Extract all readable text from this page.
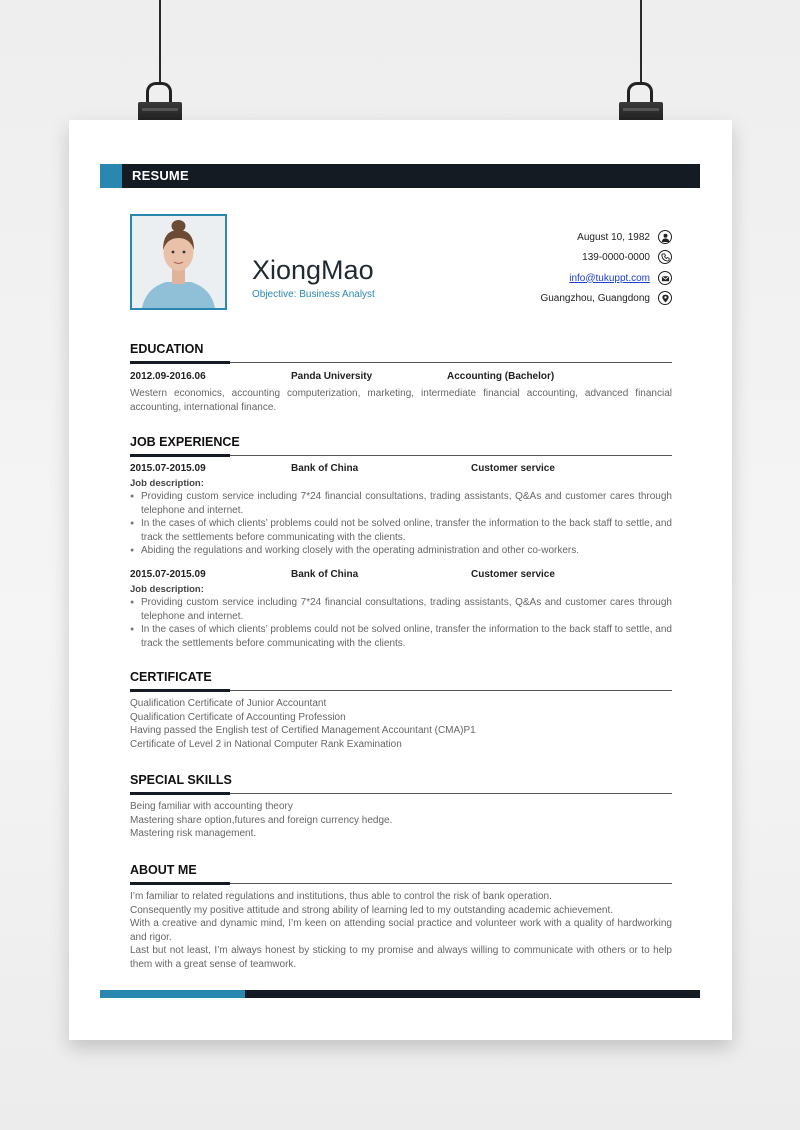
RESUME
XiongMao
Objective: Business Analyst
August 10, 1982
139-0000-0000
info@tukuppt.com
Guangzhou, Guangdong
EDUCATION
2012.09-2016.06	Panda University	Accounting (Bachelor)
Western economics, accounting computerization, marketing, intermediate financial accounting, advanced financial accounting, international finance.
JOB EXPERIENCE
2015.07-2015.09	Bank of China	Customer service
Job description:
● Providing custom service including 7*24 financial consultations, trading assistants, Q&As and customer cares through telephone and internet.
● In the cases of which clients’ problems could not be solved online, transfer the information to the back staff to settle, and track the settlements before communicating with the clients.
● Abiding the regulations and working closely with the operating administration and other co-workers.
2015.07-2015.09	Bank of China	Customer service
Job description:
● Providing custom service including 7*24 financial consultations, trading assistants, Q&As and customer cares through telephone and internet.
● In the cases of which clients’ problems could not be solved online, transfer the information to the back staff to settle, and track the settlements before communicating with the clients.
CERTIFICATE
Qualification Certificate of Junior Accountant
Qualification Certificate of Accounting Profession
Having passed the English test of Certified Management Accountant (CMA)P1
Certificate of Level 2 in National Computer Rank Examination
SPECIAL SKILLS
Being familiar with accounting theory
Mastering share option,futures and foreign currency hedge.
Mastering risk management.
ABOUT ME
I’m familiar to related regulations and institutions, thus able to control the risk of bank operation.
Consequently my positive attitude and strong ability of learning led to my outstanding academic achievement.
With a creative and dynamic mind, I’m keen on attending social practice and volunteer work with a quality of hardworking and rigor.
Last but not least, I’m always honest by sticking to my promise and always willing to communicate with others or to help them with a great sense of teamwork.
